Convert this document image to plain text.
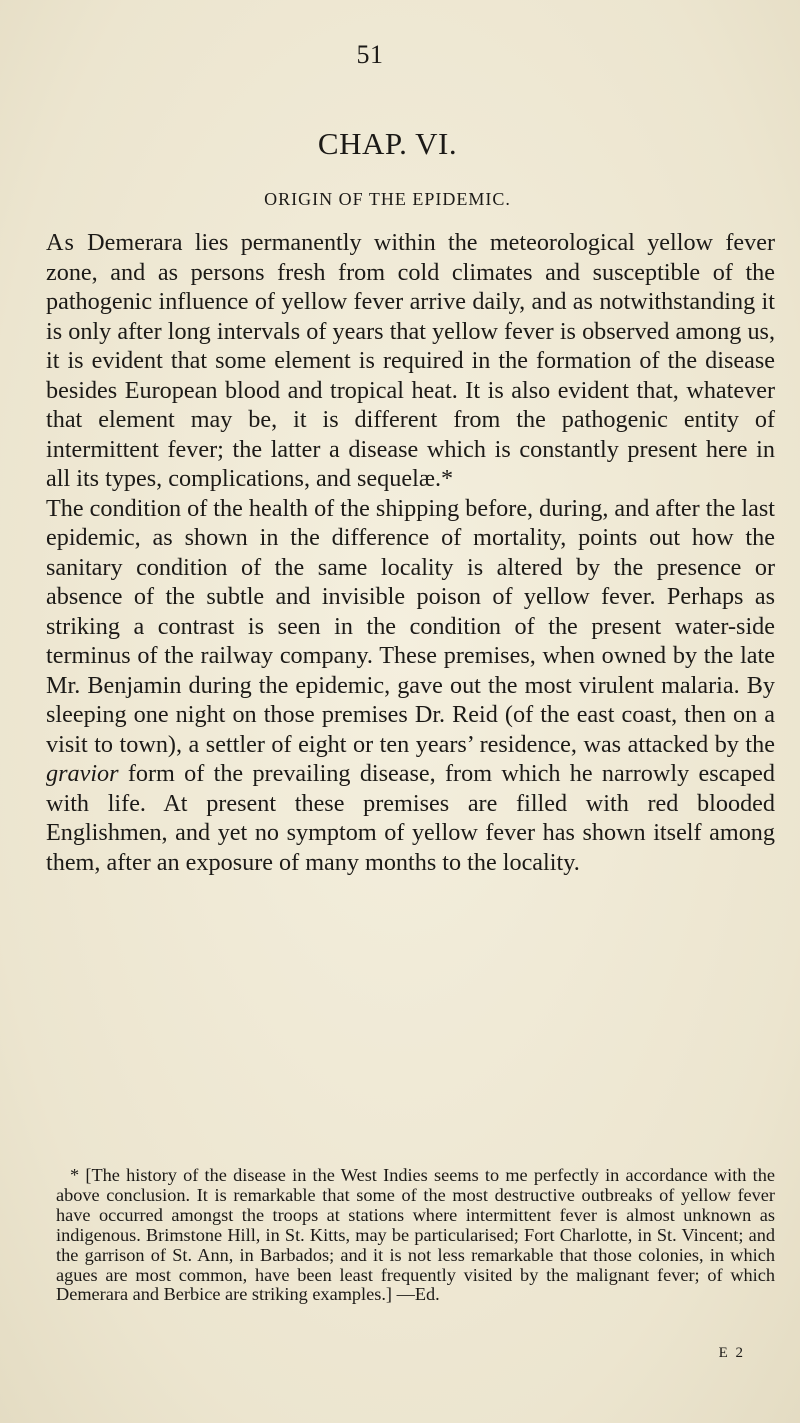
51
CHAP. VI.
ORIGIN OF THE EPIDEMIC.

As Demerara lies permanently within the meteorological yellow fever zone, and as persons fresh from cold climates and susceptible of the pathogenic influence of yellow fever arrive daily, and as notwithstanding it is only after long intervals of years that yellow fever is observed among us, it is evident that some element is required in the formation of the disease besides European blood and tropical heat. It is also evident that, whatever that element may be, it is different from the pathogenic entity of intermittent fever; the latter a disease which is constantly present here in all its types, complications, and sequelæ.*

The condition of the health of the shipping before, during, and after the last epidemic, as shown in the difference of mortality, points out how the sanitary condition of the same locality is altered by the presence or absence of the subtle and invisible poison of yellow fever. Perhaps as striking a contrast is seen in the condition of the present water-side terminus of the railway company. These premises, when owned by the late Mr. Benjamin during the epidemic, gave out the most virulent malaria. By sleeping one night on those premises Dr. Reid (of the east coast, then on a visit to town), a settler of eight or ten years’ residence, was attacked by the gravior form of the prevailing disease, from which he narrowly escaped with life. At present these premises are filled with red blooded Englishmen, and yet no symptom of yellow fever has shown itself among them, after an exposure of many months to the locality.

* [The history of the disease in the West Indies seems to me perfectly in accordance with the above conclusion. It is remarkable that some of the most destructive outbreaks of yellow fever have occurred amongst the troops at stations where intermittent fever is almost unknown as indigenous. Brimstone Hill, in St. Kitts, may be particularised; Fort Charlotte, in St. Vincent; and the garrison of St. Ann, in Barbados; and it is not less remarkable that those colonies, in which agues are most common, have been least frequently visited by the malignant fever; of which Demerara and Berbice are striking examples.] —Ed.

E 2
